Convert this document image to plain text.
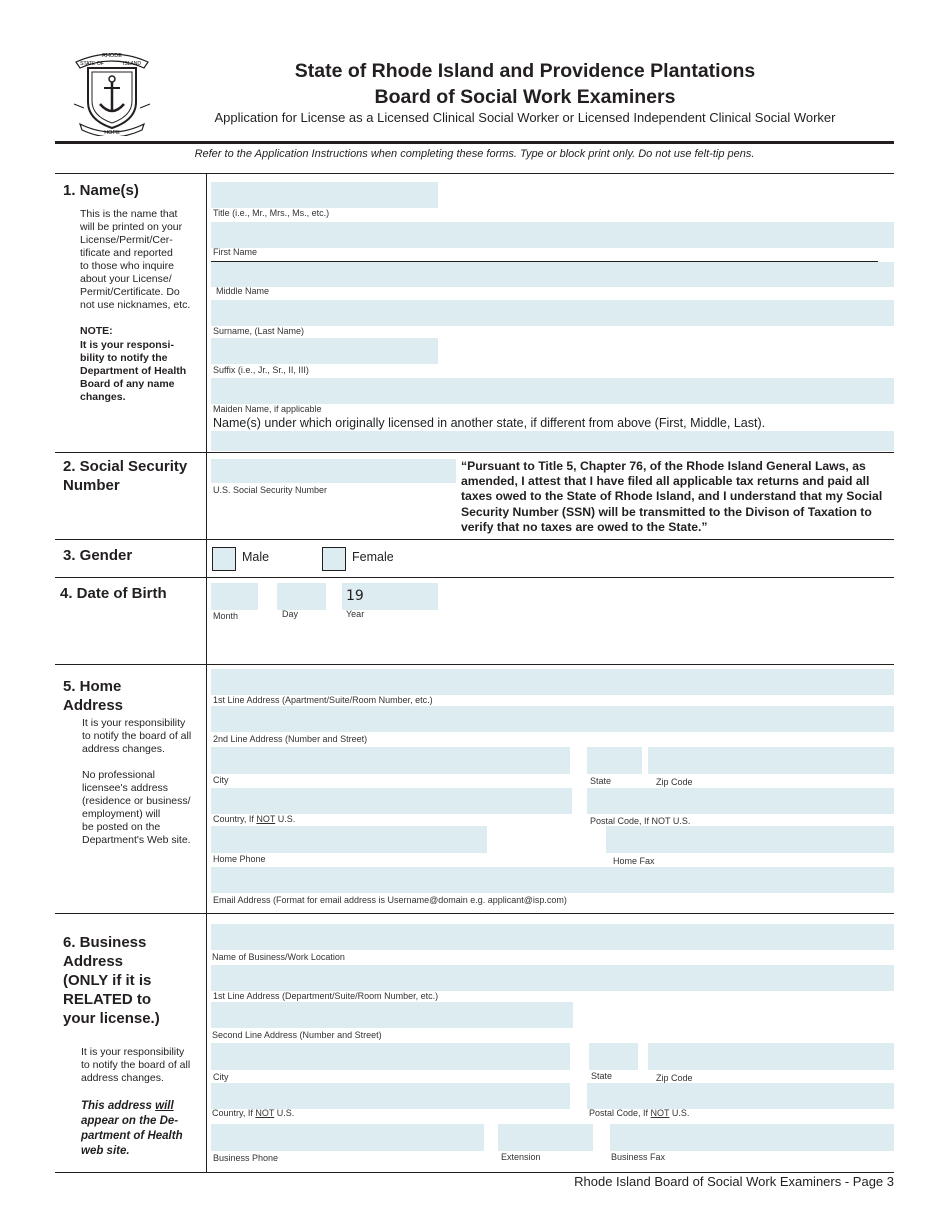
RHODE
STATE OF	ISLAND
HOPE
State of Rhode Island and Providence Plantations
Board of Social Work Examiners
Application for License as a Licensed Clinical Social Worker or Licensed Independent Clinical Social Worker
Refer to the Application Instructions when completing these forms. Type or block print only. Do not use felt-tip pens.
1. Name(s)
This is the name that
will be printed on your
License/Permit/Cer-
tificate and reported
to those who inquire
about your License/
Permit/Certificate. Do
not use nicknames, etc.
NOTE:
It is your responsi-
bility to notify the
Department of Health
Board of any name
changes.
Title (i.e., Mr., Mrs., Ms., etc.)
First Name
Middle Name
Surname, (Last Name)
Suffix (i.e., Jr., Sr., II, III)
Maiden Name, if applicable
Name(s) under which originally licensed in another state, if different from above (First, Middle, Last).
2. Social Security
Number	U.S. Social Security Number
“Pursuant to Title 5, Chapter 76, of the Rhode Island General Laws, as amended, I attest that I have filed all applicable tax returns and paid all taxes owed to the State of Rhode Island, and I understand that my Social Security Number (SSN) will be transmitted to the Divison of Taxation to verify that no taxes are owed to the State.”
3. Gender	Male	Female
4. Date of Birth
Month	Day
19
Year
5. Home
Address
It is your responsibility
to notify the board of all
address changes.
No professional
licensee's address
(residence or business/
employment) will
be posted on the
Department's Web site.
1st Line Address (Apartment/Suite/Room Number, etc.)
2nd Line Address (Number and Street)
City	State	Zip Code
Country, If NOT U.S.	Postal Code, If NOT U.S.
Home Phone	Home Fax
Email Address (Format for email address is Username@domain e.g. applicant@isp.com)
6. Business
Address
(ONLY if it is
RELATED to
your license.)
It is your responsibility
to notify the board of all
address changes.
This address will
appear on the De-
partment of Health
web site.
Name of Business/Work Location
1st Line Address (Department/Suite/Room Number, etc.)
Second Line Address (Number and Street)
City	State	Zip Code
Country, If NOT U.S.	Postal Code, If NOT U.S.
Business Phone	Extension	Business Fax
Rhode Island Board of Social Work Examiners - Page 3
